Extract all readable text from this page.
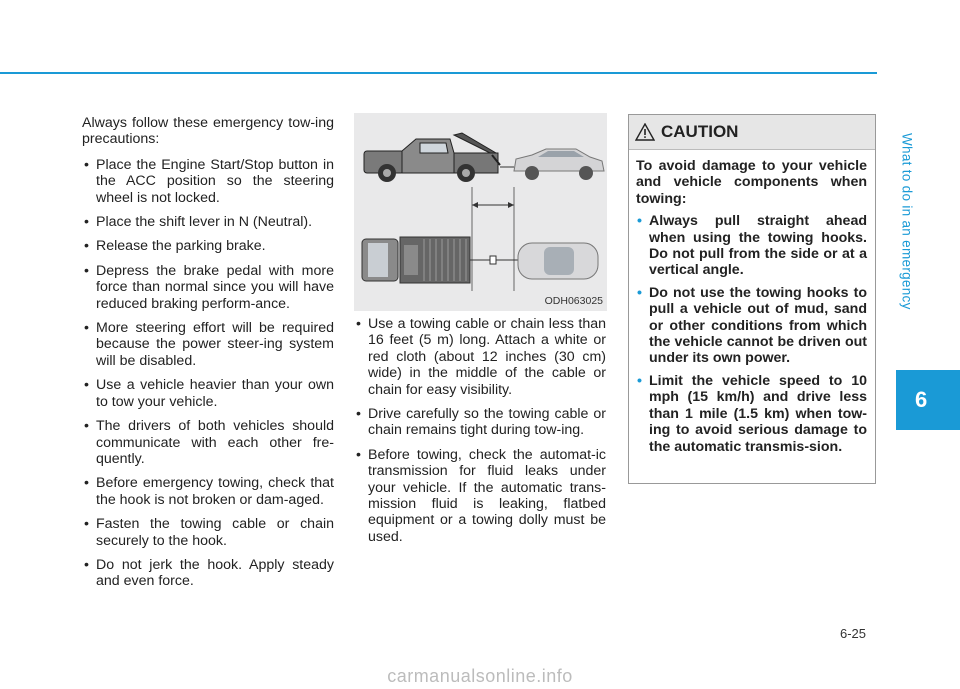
What to do in an emergency
6

Always follow these emergency tow-ing precautions:

• Place the Engine Start/Stop button in the ACC position so the steering wheel is not locked.
• Place the shift lever in N (Neutral).
• Release the parking brake.
• Depress the brake pedal with more force than normal since you will have reduced braking perform-ance.
• More steering effort will be required because the power steer-ing system will be disabled.
• Use a vehicle heavier than your own to tow your vehicle.
• The drivers of both vehicles should communicate with each other fre-quently.
• Before emergency towing, check that the hook is not broken or dam-aged.
• Fasten the towing cable or chain securely to the hook.
• Do not jerk the hook. Apply steady and even force.
ODH063025
• Use a towing cable or chain less than 16 feet (5 m) long. Attach a white or red cloth (about 12 inches (30 cm) wide) in the middle of the cable or chain for easy visibility.
• Drive carefully so the towing cable or chain remains tight during tow-ing.
• Before towing, check the automat-ic transmission for fluid leaks under your vehicle. If the automatic trans-mission fluid is leaking, flatbed equipment or a towing dolly must be used.
CAUTION

To avoid damage to your vehicle and vehicle components when towing:

• Always pull straight ahead when using the towing hooks. Do not pull from the side or at a vertical angle.
• Do not use the towing hooks to pull a vehicle out of mud, sand or other conditions from which the vehicle cannot be driven out under its own power.
• Limit the vehicle speed to 10 mph (15 km/h) and drive less than 1 mile (1.5 km) when tow-ing to avoid serious damage to the automatic transmis-sion.
6-25
carmanualsonline.info
